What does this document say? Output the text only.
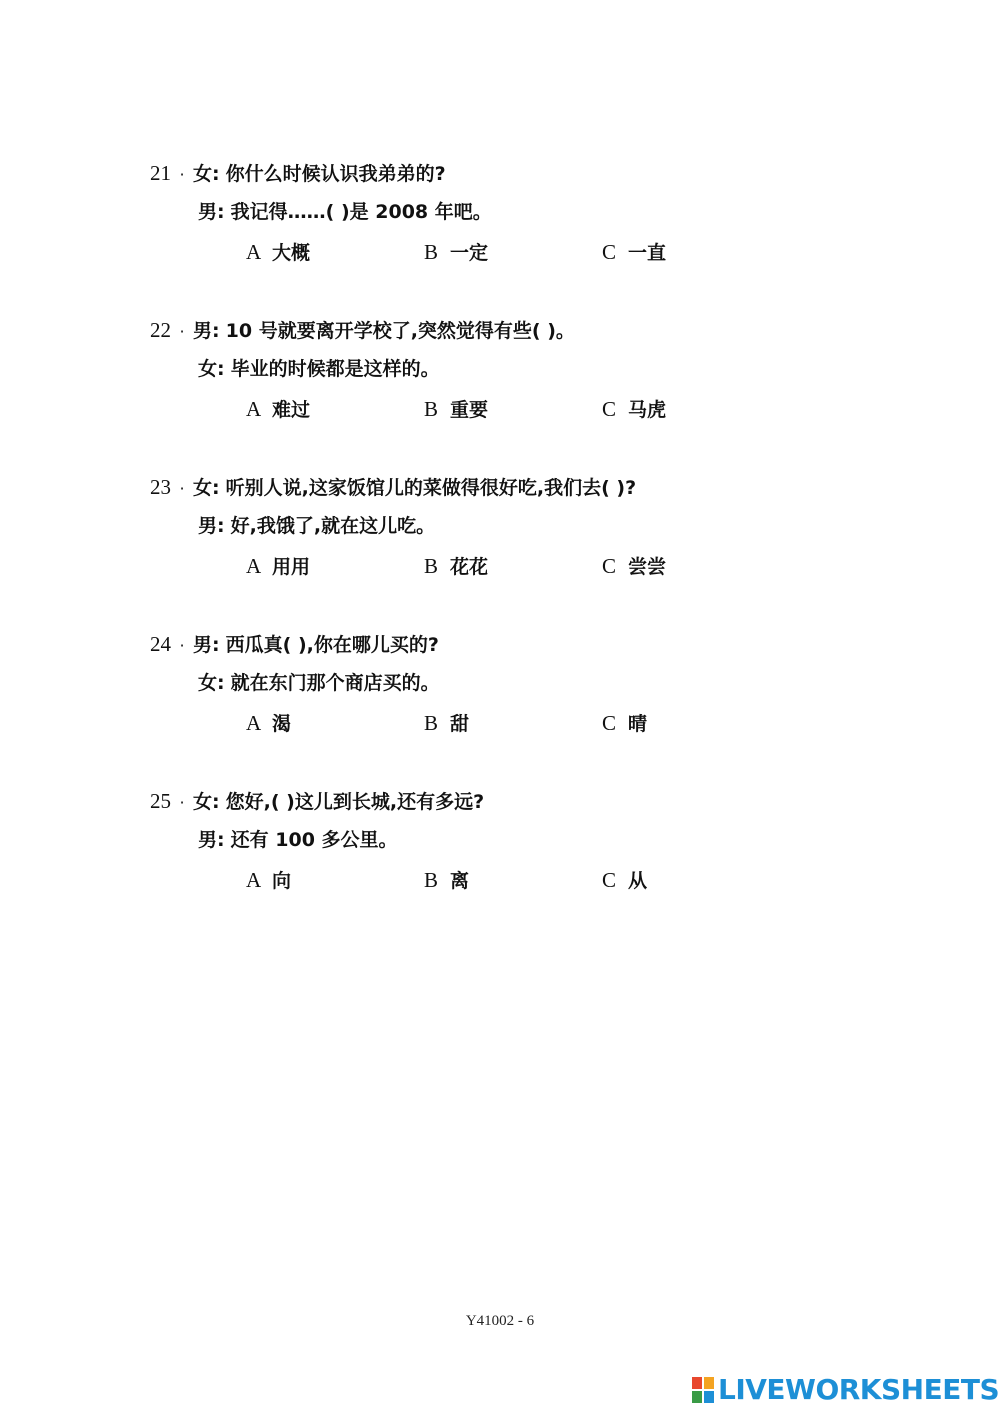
21 · 女: 你什么时候认识我弟弟的?
男: 我记得……( )是 2008 年吧。
A 大概	B 一定	C 一直
22 · 男: 10 号就要离开学校了,突然觉得有些( )。
女: 毕业的时候都是这样的。
A 难过	B 重要	C 马虎
23 · 女: 听别人说,这家饭馆儿的菜做得很好吃,我们去( )?
男: 好,我饿了,就在这儿吃。
A 用用	B 花花	C 尝尝
24 · 男: 西瓜真( ),你在哪儿买的?
女: 就在东门那个商店买的。
A 渴	B 甜	C 晴
25 · 女: 您好,( )这儿到长城,还有多远?
男: 还有 100 多公里。
A 向	B 离	C 从
Y41002 - 6
LIVEWORKSHEETS
